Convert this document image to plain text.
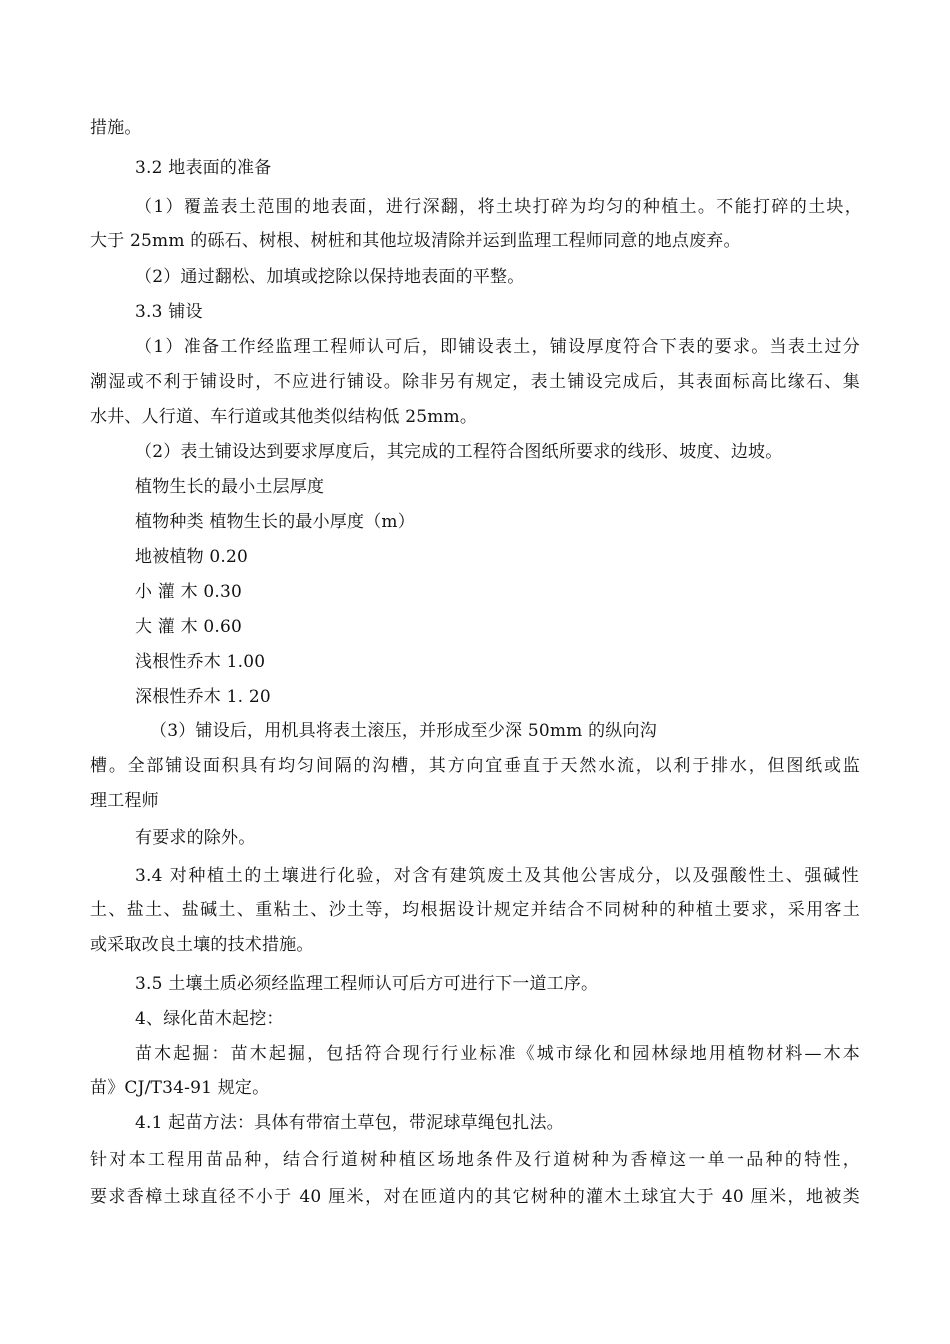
措施。
3.2 地表面的准备
（1）覆盖表土范围的地表面，进行深翻，将土块打碎为均匀的种植土。不能打碎的土块，
大于 25mm 的砾石、树根、树桩和其他垃圾清除并运到监理工程师同意的地点废弃。
（2）通过翻松、加填或挖除以保持地表面的平整。
3.3 铺设
（1）准备工作经监理工程师认可后，即铺设表土，铺设厚度符合下表的要求。当表土过分
潮湿或不利于铺设时，不应进行铺设。除非另有规定，表土铺设完成后，其表面标高比缘石、集
水井、人行道、车行道或其他类似结构低 25mm。
（2）表土铺设达到要求厚度后，其完成的工程符合图纸所要求的线形、坡度、边坡。
植物生长的最小土层厚度
植物种类 植物生长的最小厚度（m）
地被植物 0.20
小 灌 木 0.30
大 灌 木 0.60
浅根性乔木 1.00
深根性乔木 1. 20
（3）铺设后，用机具将表土滚压，并形成至少深 50mm 的纵向沟
槽。全部铺设面积具有均匀间隔的沟槽，其方向宜垂直于天然水流，以利于排水，但图纸或监
理工程师
有要求的除外。
3.4 对种植土的土壤进行化验，对含有建筑废土及其他公害成分，以及强酸性土、强碱性
土、盐土、盐碱土、重粘土、沙土等，均根据设计规定并结合不同树种的种植土要求，采用客土
或采取改良土壤的技术措施。
3.5 土壤土质必须经监理工程师认可后方可进行下一道工序。
4、绿化苗木起挖：
苗木起掘：苗木起掘，包括符合现行行业标准《城市绿化和园林绿地用植物材料—木本
苗》CJ/T34-91 规定。
4.1 起苗方法：具体有带宿土草包，带泥球草绳包扎法。
针对本工程用苗品种，结合行道树种植区场地条件及行道树种为香樟这一单一品种的特性，
要求香樟土球直径不小于 40 厘米，对在匝道内的其它树种的灌木土球宜大于 40 厘米，地被类
